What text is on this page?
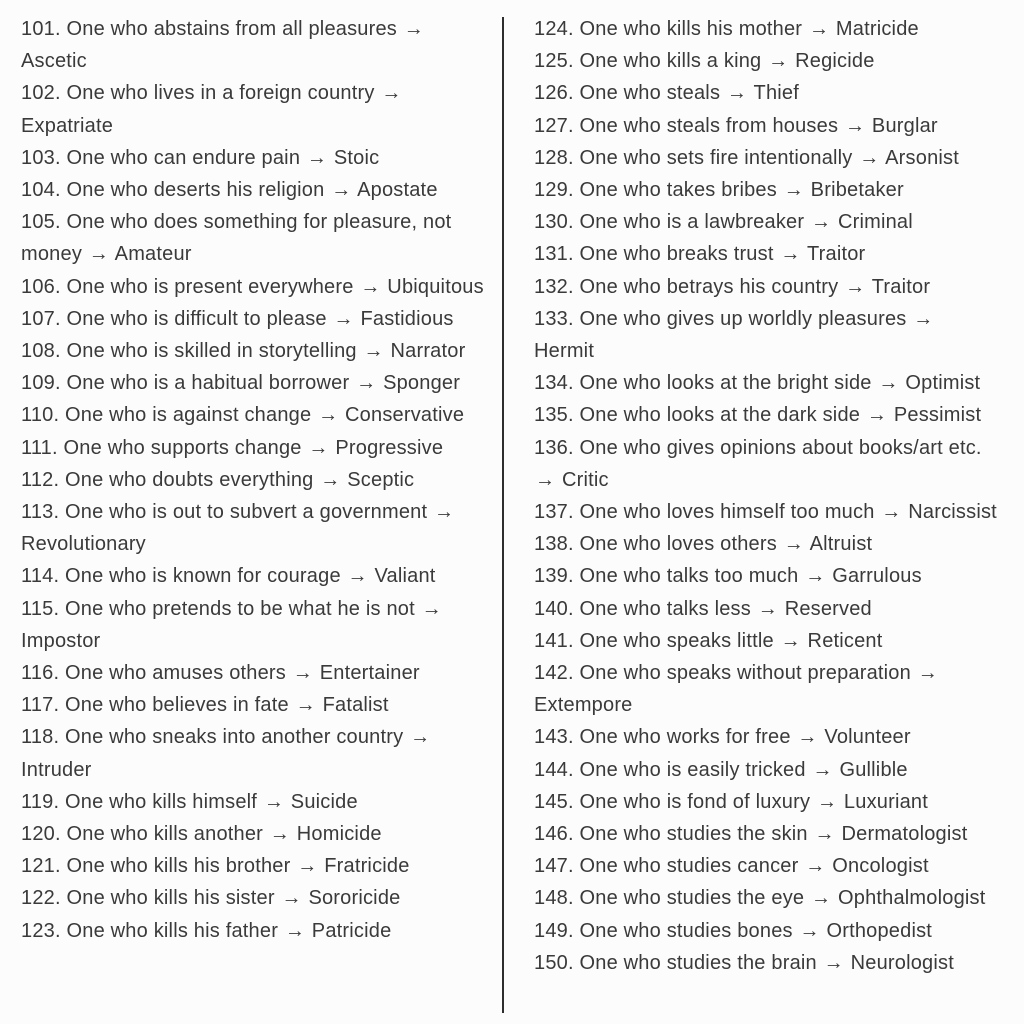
101. One who abstains from all pleasures → Ascetic
102. One who lives in a foreign country → Expatriate
103. One who can endure pain → Stoic
104. One who deserts his religion → Apostate
105. One who does something for pleasure, not money → Amateur
106. One who is present everywhere → Ubiquitous
107. One who is difficult to please → Fastidious
108. One who is skilled in storytelling → Narrator
109. One who is a habitual borrower → Sponger
110. One who is against change → Conservative
111. One who supports change → Progressive
112. One who doubts everything → Sceptic
113. One who is out to subvert a government → Revolutionary
114. One who is known for courage → Valiant
115. One who pretends to be what he is not → Impostor
116. One who amuses others → Entertainer
117. One who believes in fate → Fatalist
118. One who sneaks into another country → Intruder
119. One who kills himself → Suicide
120. One who kills another → Homicide
121. One who kills his brother → Fratricide
122. One who kills his sister → Sororicide
123. One who kills his father → Patricide
124. One who kills his mother → Matricide
125. One who kills a king → Regicide
126. One who steals → Thief
127. One who steals from houses → Burglar
128. One who sets fire intentionally → Arsonist
129. One who takes bribes → Bribetaker
130. One who is a lawbreaker → Criminal
131. One who breaks trust → Traitor
132. One who betrays his country → Traitor
133. One who gives up worldly pleasures → Hermit
134. One who looks at the bright side → Optimist
135. One who looks at the dark side → Pessimist
136. One who gives opinions about books/art etc. → Critic
137. One who loves himself too much → Narcissist
138. One who loves others → Altruist
139. One who talks too much → Garrulous
140. One who talks less → Reserved
141. One who speaks little → Reticent
142. One who speaks without preparation → Extempore
143. One who works for free → Volunteer
144. One who is easily tricked → Gullible
145. One who is fond of luxury → Luxuriant
146. One who studies the skin → Dermatologist
147. One who studies cancer → Oncologist
148. One who studies the eye → Ophthalmologist
149. One who studies bones → Orthopedist
150. One who studies the brain → Neurologist
